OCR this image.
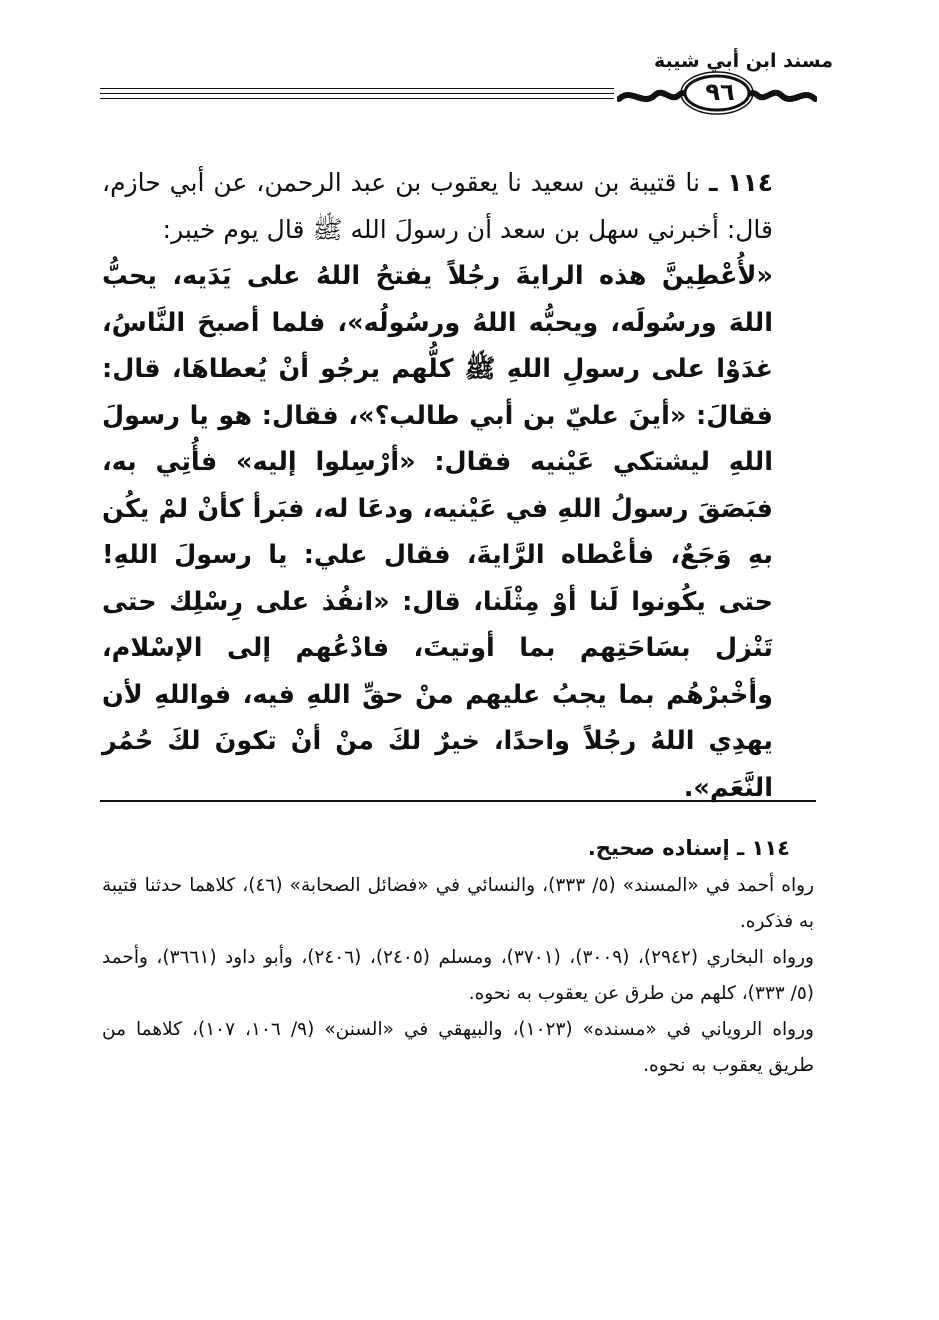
مسند ابن أبي شيبة
٩٦

١١٤ ـ نا قتيبة بن سعيد نا يعقوب بن عبد الرحمن، عن أبي حازم، قال: أخبرني سهل بن سعد أن رسولَ الله ﷺ قال يوم خيبر:

«لأُعْطِينَّ هذه الرايةَ رجُلاً يفتحُ اللهُ على يَدَيه، يحبُّ اللهَ ورسُولَه، ويحبُّه اللهُ ورسُولُه»، فلما أصبحَ النَّاسُ، غدَوْا على رسولِ اللهِ ﷺ كلُّهم يرجُو أنْ يُعطاهَا، قال: فقالَ: «أينَ عليّ بن أبي طالب؟»، فقال: هو يا رسولَ اللهِ ليشتكي عَيْنيه فقال: «أرْسِلوا إليه» فأُتِي به، فبَصَقَ رسولُ اللهِ في عَيْنيه، ودعَا له، فبَرأ كأنْ لمْ يكُن بهِ وَجَعٌ، فأعْطاه الرَّايةَ، فقال علي: يا رسولَ اللهِ! حتى يكُونوا لَنا أوْ مِثْلَنا، قال: «انفُذ على رِسْلِك حتى تَنْزل بسَاحَتِهم بما أوتيتَ، فادْعُهم إلى الإسْلام، وأخْبرْهُم بما يجبُ عليهم منْ حقِّ اللهِ فيه، فواللهِ لأن يهدِي اللهُ رجُلاً واحدًا، خيرٌ لكَ منْ أنْ تكونَ لكَ حُمُر النَّعَم».

١١٤ ـ إسناده صحيح.

رواه أحمد في «المسند» (٥/ ٣٣٣)، والنسائي في «فضائل الصحابة» (٤٦)، كلاهما حدثنا قتيبة به فذكره.

ورواه البخاري (٢٩٤٢)، (٣٠٠٩)، (٣٧٠١)، ومسلم (٢٤٠٥)، (٢٤٠٦)، وأبو داود (٣٦٦١)، وأحمد (٥/ ٣٣٣)، كلهم من طرق عن يعقوب به نحوه.

ورواه الروياني في «مسنده» (١٠٢٣)، والبيهقي في «السنن» (٩/ ١٠٦، ١٠٧)، كلاهما من طريق يعقوب به نحوه.
